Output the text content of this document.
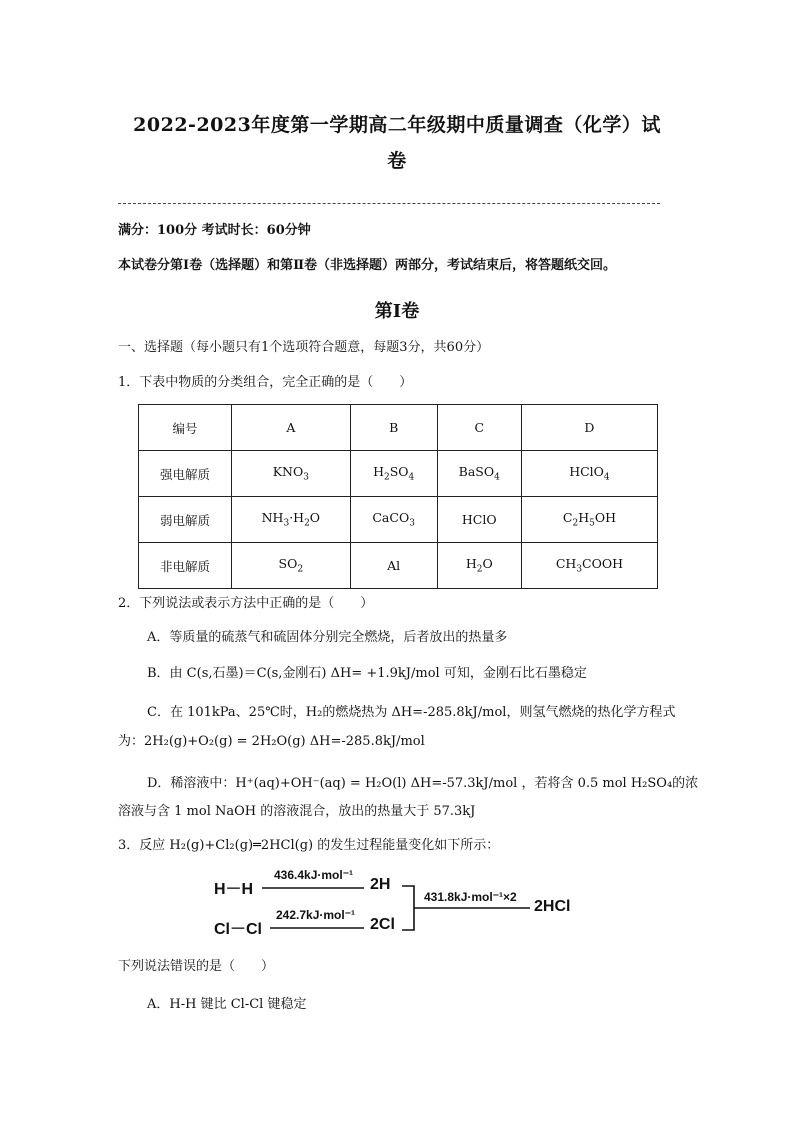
2022-2023年度第一学期高二年级期中质量调查（化学）试
卷
满分：100分 考试时长：60分钟
本试卷分第Ⅰ卷（选择题）和第Ⅱ卷（非选择题）两部分，考试结束后，将答题纸交回。
第Ⅰ卷
一、选择题（每小题只有1个选项符合题意，每题3分，共60分）
1．下表中物质的分类组合，完全正确的是（　　）
编号	A	B	C	D
强电解质	$KNO_3$	$H_2SO_4$	BaSO$_4$	HClO$_4$
弱电解质	$NH_3\cdot H_2O$	CaCO$_3$	HClO	$C_2H_5OH$
非电解质	$SO_2$	Al	$H_2O$	$CH_3COOH$
2．下列说法或表示方法中正确的是（　　）
A．等质量的硫蒸气和硫固体分别完全燃烧，后者放出的热量多
B．由 C(s,石墨)＝C(s,金刚石) ΔH= +1.9kJ/mol 可知，金刚石比石墨稳定
C．在 101kPa、25℃时，H₂的燃烧热为 ΔH=-285.8kJ/mol，则氢气燃烧的热化学方程式
为：2H₂(g)+O₂(g) = 2H₂O(g) ΔH=-285.8kJ/mol
D．稀溶液中：H⁺(aq)+OH⁻(aq) = H₂O(l) ΔH=-57.3kJ/mol ，若将含 0.5 mol H₂SO₄的浓
溶液与含 1 mol NaOH 的溶液混合，放出的热量大于 57.3kJ
3．反应 H₂(g)+Cl₂(g)═2HCl(g) 的发生过程能量变化如下所示：
H－H
436.4kJ·mol⁻¹
2H
Cl－Cl
242.7kJ·mol⁻¹
2Cl
431.8kJ·mol⁻¹×2
2HCl
下列说法错误的是（　　）
A．H-H 键比 Cl-Cl 键稳定
